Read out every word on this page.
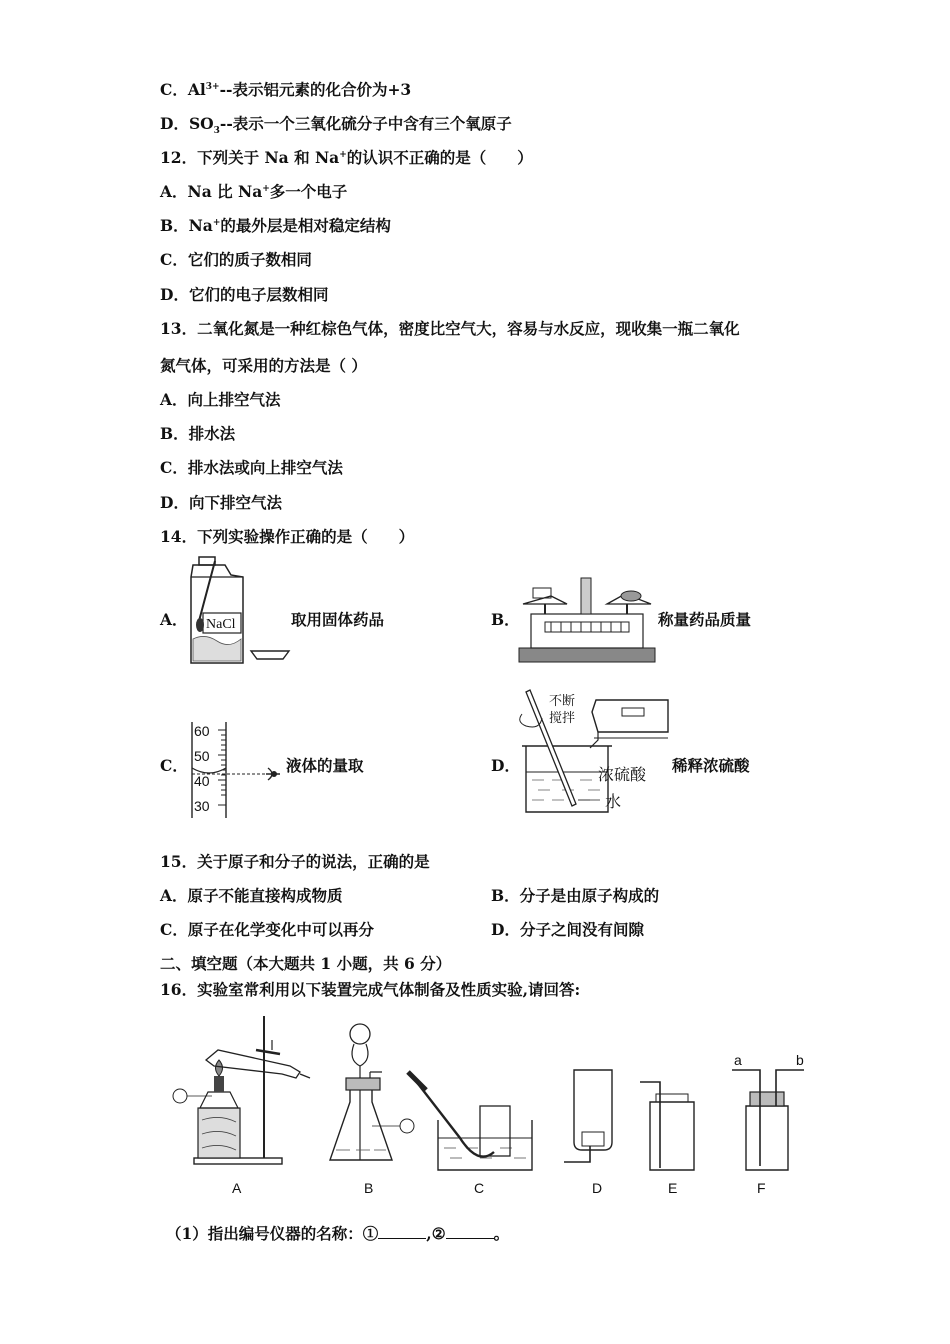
C．$Al^{3+}--$表示铝元素的化合价为+3
D．$SO_3--$表示一个三氧化硫分子中含有三个氧原子
12．下列关于 Na 和 Na+的认识不正确的是（　　）
A．Na 比 Na+多一个电子
B．Na+的最外层是相对稳定结构
C．它们的质子数相同
D．它们的电子层数相同
13．二氧化氮是一种红棕色气体，密度比空气大，容易与水反应，现收集一瓶二氧化
氮气体，可采用的方法是（ ）
A．向上排空气法
B．排水法
C．排水法或向上排空气法
D．向下排空气法
14．下列实验操作正确的是（　　）
A． NaCl	取用固体药品	B．	称量药品质量
C．
60
50
40
30
液体的量取	D．
不断
搅拌
浓硫酸
水
稀释浓硫酸
15．关于原子和分子的说法，正确的是
A．原子不能直接构成物质	B．分子是由原子构成的
C．原子在化学变化中可以再分	D．分子之间没有间隙
二、填空题（本大题共 1 小题，共 6 分）
16．实验室常利用以下装置完成气体制备及性质实验,请回答:
A	B	C	D	E	F
a	b
（1）指出编号仪器的名称：①	,②	。
